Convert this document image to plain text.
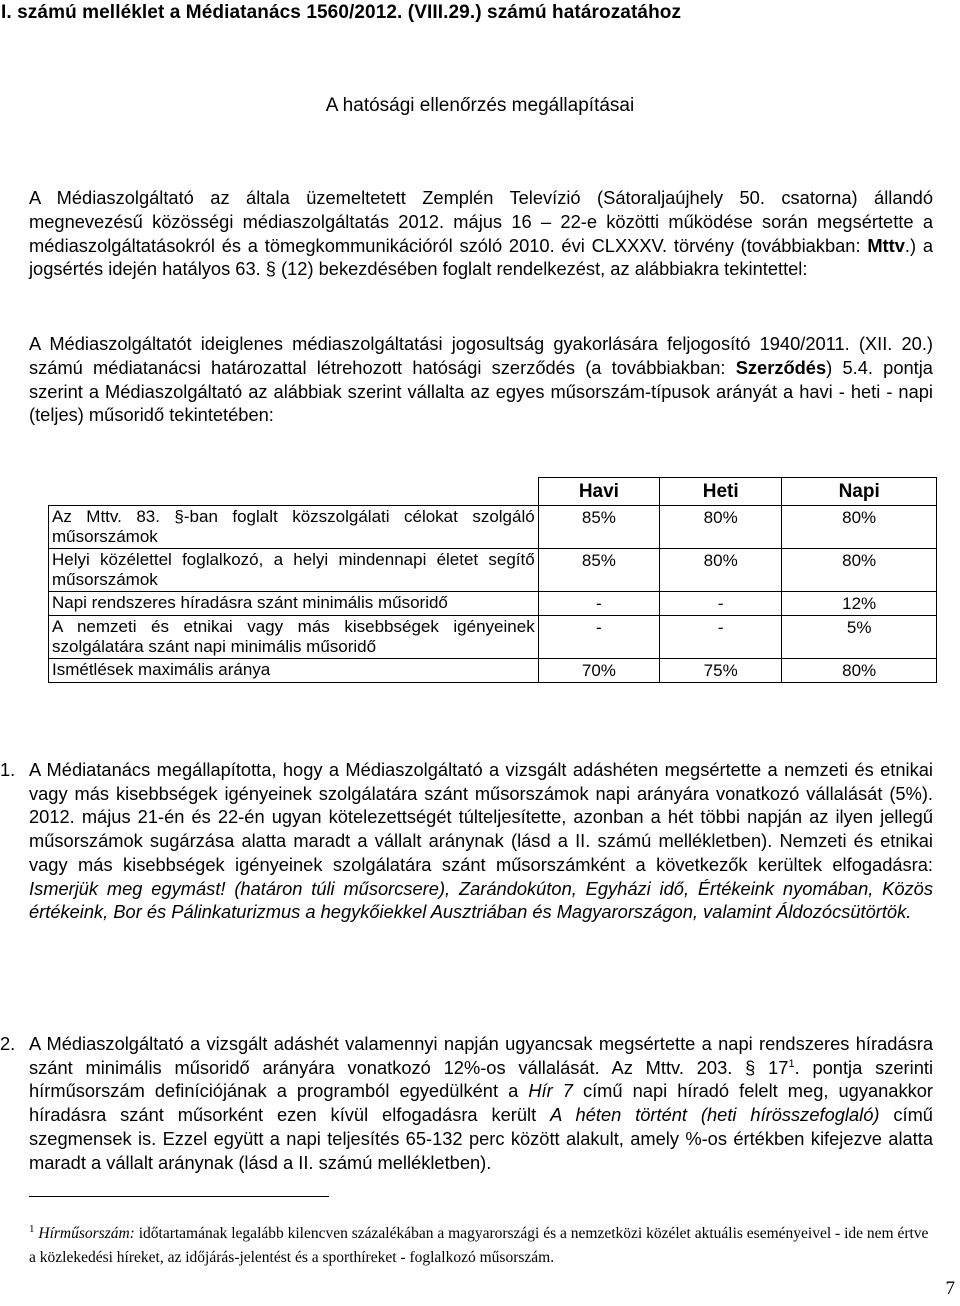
I. számú melléklet a Médiatanács 1560/2012. (VIII.29.) számú határozatához
A hatósági ellenőrzés megállapításai

A Médiaszolgáltató az általa üzemeltetett Zemplén Televízió (Sátoraljaújhely 50. csatorna) állandó megnevezésű közösségi médiaszolgáltatás 2012. május 16 – 22-e közötti működése során megsértette a médiaszolgáltatásokról és a tömegkommunikációról szóló 2010. évi CLXXXV. törvény (továbbiakban: Mttv.) a jogsértés idején hatályos 63. § (12) bekezdésében foglalt rendelkezést, az alábbiakra tekintettel:

A Médiaszolgáltatót ideiglenes médiaszolgáltatási jogosultság gyakorlására feljogosító 1940/2011. (XII. 20.) számú médiatanácsi határozattal létrehozott hatósági szerződés (a továbbiakban: Szerződés) 5.4. pontja szerint a Médiaszolgáltató az alábbiak szerint vállalta az egyes műsorszám-típusok arányát a havi - heti - napi (teljes) műsoridő tekintetében:

	Havi	Heti	Napi
Az Mttv. 83. §-ban foglalt közszolgálati célokat szolgáló műsorszámok	85%	80%	80%
Helyi közélettel foglalkozó, a helyi mindennapi életet segítő műsorszámok	85%	80%	80%
Napi rendszeres híradásra szánt minimális műsoridő	-	-	12%
A nemzeti és etnikai vagy más kisebbségek igényeinek szolgálatára szánt napi minimális műsoridő	-	-	5%
Ismétlések maximális aránya	70%	75%	80%
1. A Médiatanács megállapította, hogy a Médiaszolgáltató a vizsgált adáshéten megsértette a nemzeti és etnikai vagy más kisebbségek igényeinek szolgálatára szánt műsorszámok napi arányára vonatkozó vállalását (5%). 2012. május 21-én és 22-én ugyan kötelezettségét túlteljesítette, azonban a hét többi napján az ilyen jellegű műsorszámok sugárzása alatta maradt a vállalt aránynak (lásd a II. számú mellékletben). Nemzeti és etnikai vagy más kisebbségek igényeinek szolgálatára szánt műsorszámként a következők kerültek elfogadásra: Ismerjük meg egymást! (határon túli műsorcsere), Zarándokúton, Egyházi idő, Értékeink nyomában, Közös értékeink, Bor és Pálinkaturizmus a hegykőiekkel Ausztriában és Magyarországon, valamint Áldozócsütörtök.
2. A Médiaszolgáltató a vizsgált adáshét valamennyi napján ugyancsak megsértette a napi rendszeres híradásra szánt minimális műsoridő arányára vonatkozó 12%-os vállalását. Az Mttv. 203. § $17^1$. pontja szerinti hírműsorszám definíciójának a programból egyedülként a Hír 7 című napi híradó felelt meg, ugyanakkor híradásra szánt műsorként ezen kívül elfogadásra került A héten történt (heti hírösszefoglaló) című szegmensek is. Ezzel együtt a napi teljesítés 65-132 perc között alakult, amely %-os értékben kifejezve alatta maradt a vállalt aránynak (lásd a II. számú mellékletben).
$^1$ Hírműsorszám: időtartamának legalább kilencven százalékában a magyarországi és a nemzetközi közélet aktuális eseményeivel - ide nem értve a közlekedési híreket, az időjárás-jelentést és a sporthíreket - foglalkozó műsorszám.
7
